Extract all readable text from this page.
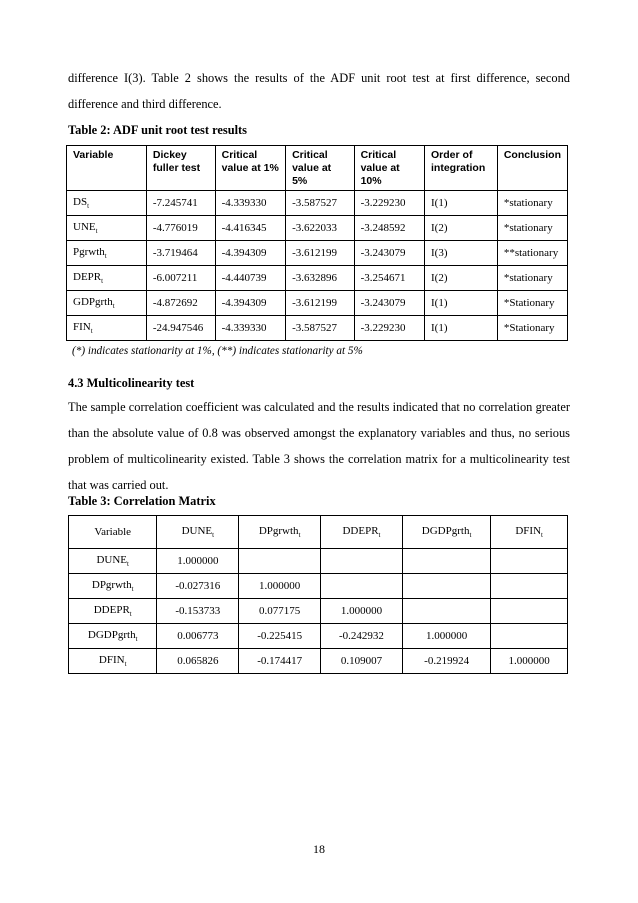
difference I(3). Table 2 shows the results of the ADF unit root test at first difference, second difference and third difference.
Table 2: ADF unit root test results
Variable	Dickey fuller test	Critical value at 1%	Critical value at 5%	Critical value at 10%	Order of integration	Conclusion
$DS_t$	-7.245741	-4.339330	-3.587527	-3.229230	I(1)	*stationary
$UNE_t$	-4.776019	-4.416345	-3.622033	-3.248592	I(2)	*stationary
Pgrwth$_t$	-3.719464	-4.394309	-3.612199	-3.243079	I(3)	**stationary
$DEPR_t$	-6.007211	-4.440739	-3.632896	-3.254671	I(2)	*stationary
GDPgrth$_t$	-4.872692	-4.394309	-3.612199	-3.243079	I(1)	*Stationary
$FIN_t$	-24.947546	-4.339330	-3.587527	-3.229230	I(1)	*Stationary
(*) indicates stationarity at 1%, (**) indicates stationarity at 5%
4.3 Multicolinearity test
The sample correlation coefficient was calculated and the results indicated that no correlation greater than the absolute value of 0.8 was observed amongst the explanatory variables and thus, no serious problem of multicolinearity existed. Table 3 shows the correlation matrix for a multicolinearity test that was carried out.
Table 3: Correlation Matrix
Variable	$DUNE_t$	DPgrwth$_t$	$DDEPR_t$	DGDPgrth$_t$	$DFIN_t$
$DUNE_t$	1.000000				
DPgrwth$_t$	-0.027316	1.000000			
$DDEPR_t$	-0.153733	0.077175	1.000000		
DGDPgrth$_t$	0.006773	-0.225415	-0.242932	1.000000	
$DFIN_t$	0.065826	-0.174417	0.109007	-0.219924	1.000000
18
